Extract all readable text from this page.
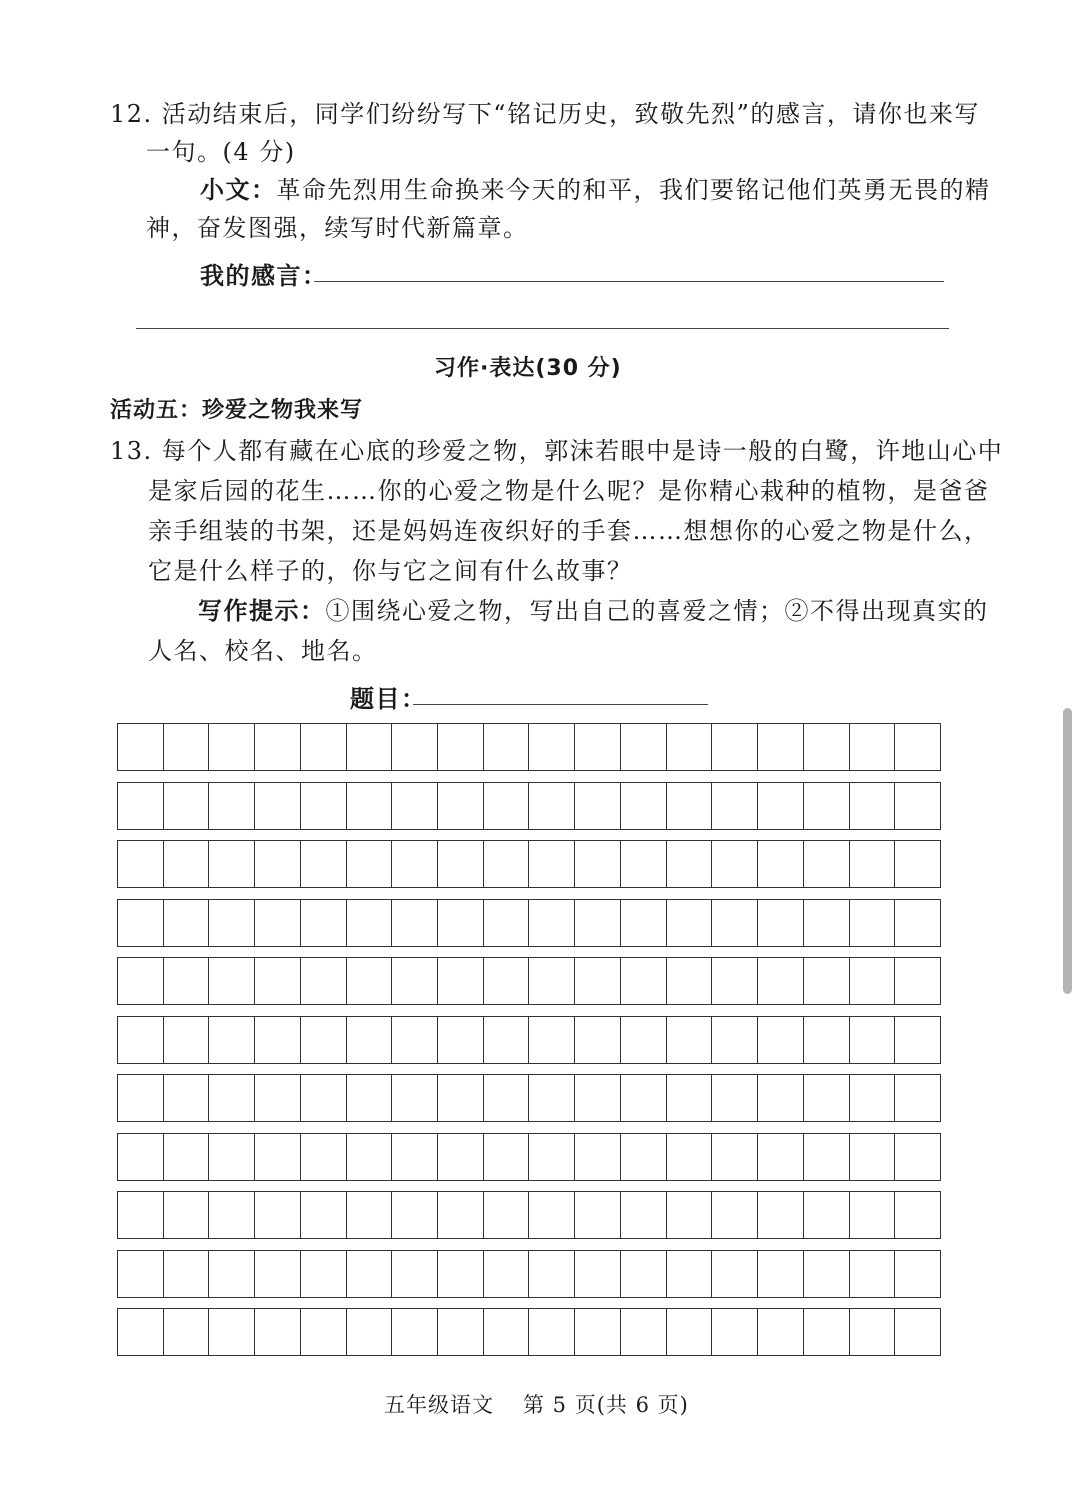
12. 活动结束后，同学们纷纷写下“铭记历史，致敬先烈”的感言，请你也来写
一句。(4 分)
小文：革命先烈用生命换来今天的和平，我们要铭记他们英勇无畏的精
神，奋发图强，续写时代新篇章。
我的感言：
习作·表达(30 分)
活动五：珍爱之物我来写
13. 每个人都有藏在心底的珍爱之物，郭沫若眼中是诗一般的白鹭，许地山心中
是家后园的花生……你的心爱之物是什么呢？是你精心栽种的植物，是爸爸
亲手组装的书架，还是妈妈连夜织好的手套……想想你的心爱之物是什么，
它是什么样子的，你与它之间有什么故事？
写作提示：①围绕心爱之物，写出自己的喜爱之情；②不得出现真实的
人名、校名、地名。
题目：
五年级语文 第 5 页(共 6 页)
